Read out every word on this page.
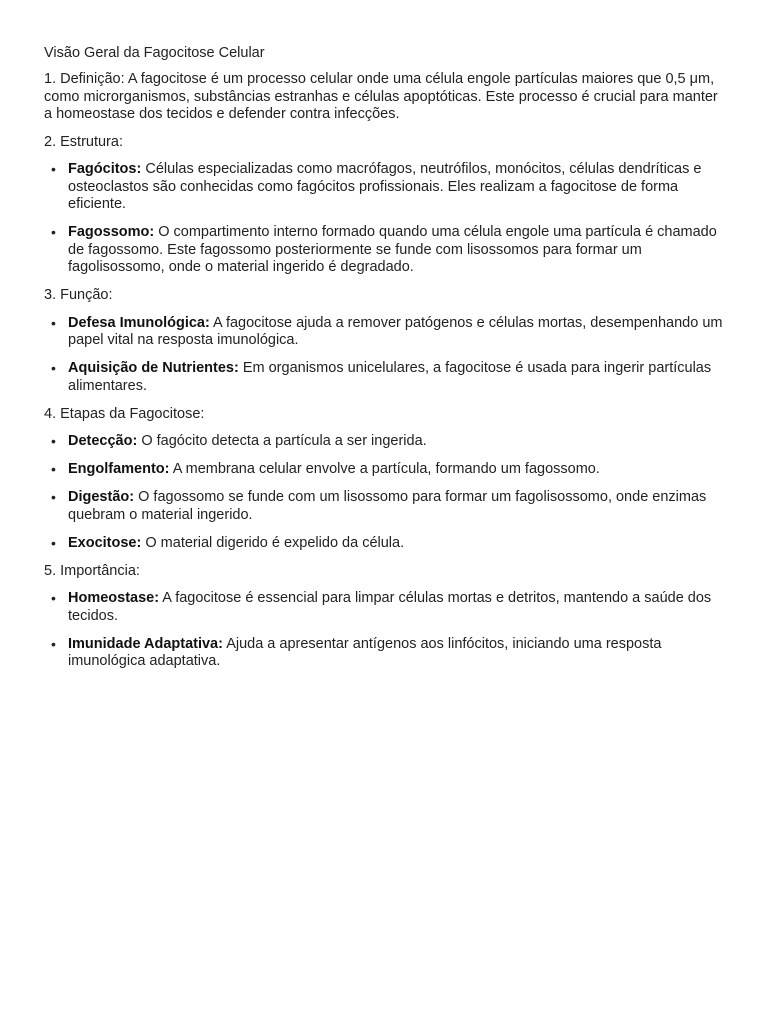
Visão Geral da Fagocitose Celular
1. Definição: A fagocitose é um processo celular onde uma célula engole partículas maiores que 0,5 μm, como microrganismos, substâncias estranhas e células apoptóticas. Este processo é crucial para manter a homeostase dos tecidos e defender contra infecções.
2. Estrutura:
• Fagócitos: Células especializadas como macrófagos, neutrófilos, monócitos, células dendríticas e osteoclastos são conhecidas como fagócitos profissionais. Eles realizam a fagocitose de forma eficiente.
• Fagossomo: O compartimento interno formado quando uma célula engole uma partícula é chamado de fagossomo. Este fagossomo posteriormente se funde com lisossomos para formar um fagolisossomo, onde o material ingerido é degradado.
3. Função:
• Defesa Imunológica: A fagocitose ajuda a remover patógenos e células mortas, desempenhando um papel vital na resposta imunológica.
• Aquisição de Nutrientes: Em organismos unicelulares, a fagocitose é usada para ingerir partículas alimentares.
4. Etapas da Fagocitose:
• Detecção: O fagócito detecta a partícula a ser ingerida.
• Engolfamento: A membrana celular envolve a partícula, formando um fagossomo.
• Digestão: O fagossomo se funde com um lisossomo para formar um fagolisossomo, onde enzimas quebram o material ingerido.
• Exocitose: O material digerido é expelido da célula.
5. Importância:
• Homeostase: A fagocitose é essencial para limpar células mortas e detritos, mantendo a saúde dos tecidos.
• Imunidade Adaptativa: Ajuda a apresentar antígenos aos linfócitos, iniciando uma resposta imunológica adaptativa.
